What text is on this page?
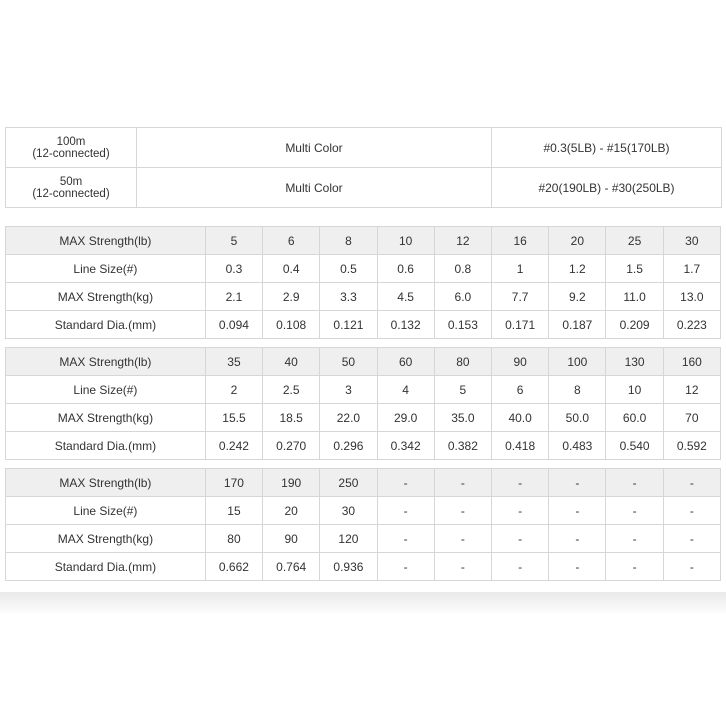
100m
(12-connected)	Multi Color	#0.3(5LB) - #15(170LB)

50m
(12-connected)	Multi Color	#20(190LB) - #30(250LB)
MAX Strength(lb)	5	6	8	10	12	16	20	25	30
Line Size(#)	0.3	0.4	0.5	0.6	0.8	1	1.2	1.5	1.7
MAX Strength(kg)	2.1	2.9	3.3	4.5	6.0	7.7	9.2	11.0	13.0
Standard Dia.(mm)	0.094	0.108	0.121	0.132	0.153	0.171	0.187	0.209	0.223
MAX Strength(lb)	35	40	50	60	80	90	100	130	160
Line Size(#)	2	2.5	3	4	5	6	8	10	12
MAX Strength(kg)	15.5	18.5	22.0	29.0	35.0	40.0	50.0	60.0	70
Standard Dia.(mm)	0.242	0.270	0.296	0.342	0.382	0.418	0.483	0.540	0.592
MAX Strength(lb)	170	190	250	-	-	-	-	-	-
Line Size(#)	15	20	30	-	-	-	-	-	-
MAX Strength(kg)	80	90	120	-	-	-	-	-	-
Standard Dia.(mm)	0.662	0.764	0.936	-	-	-	-	-	-
